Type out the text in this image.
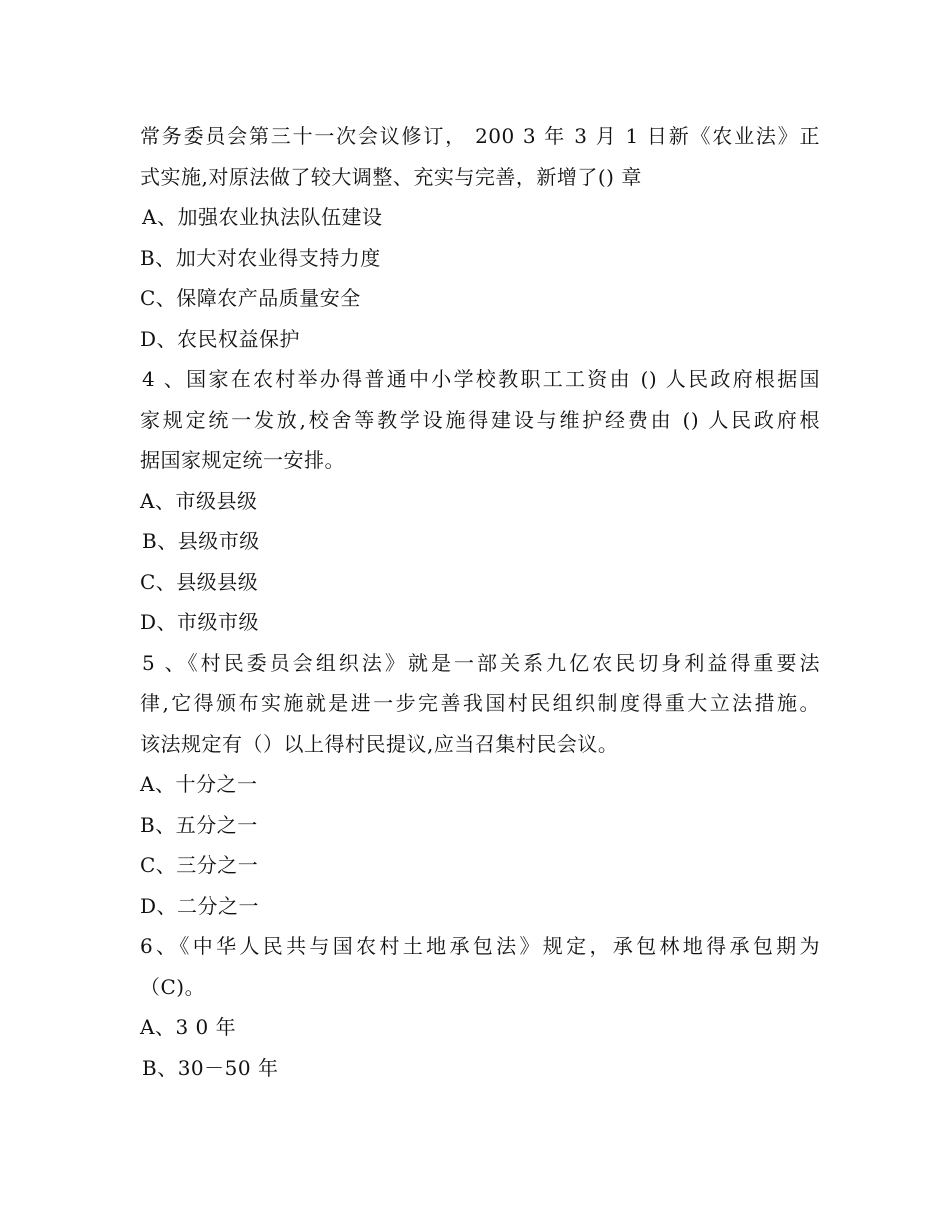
常务委员会第三十一次会议修订， 200 3 年 3 月 1 日新《农业法》正
式实施,对原法做了较大调整、充实与完善，新增了() 章
A、加强农业执法队伍建设
B、加大对农业得支持力度
C、保障农产品质量安全
D、农民权益保护
4 、国家在农村举办得普通中小学校教职工工资由 () 人民政府根据国
家规定统一发放,校舍等教学设施得建设与维护经费由 () 人民政府根
据国家规定统一安排。
A、市级县级
B、县级市级
C、县级县级
D、市级市级
5 、《村民委员会组织法》就是一部关系九亿农民切身利益得重要法
律,它得颁布实施就是进一步完善我国村民组织制度得重大立法措施。
该法规定有（）以上得村民提议,应当召集村民会议。
A、十分之一
B、五分之一
C、三分之一
D、二分之一
6、《中华人民共与国农村土地承包法》规定，承包林地得承包期为
（C)。
A、3 0 年
B、30－50 年
